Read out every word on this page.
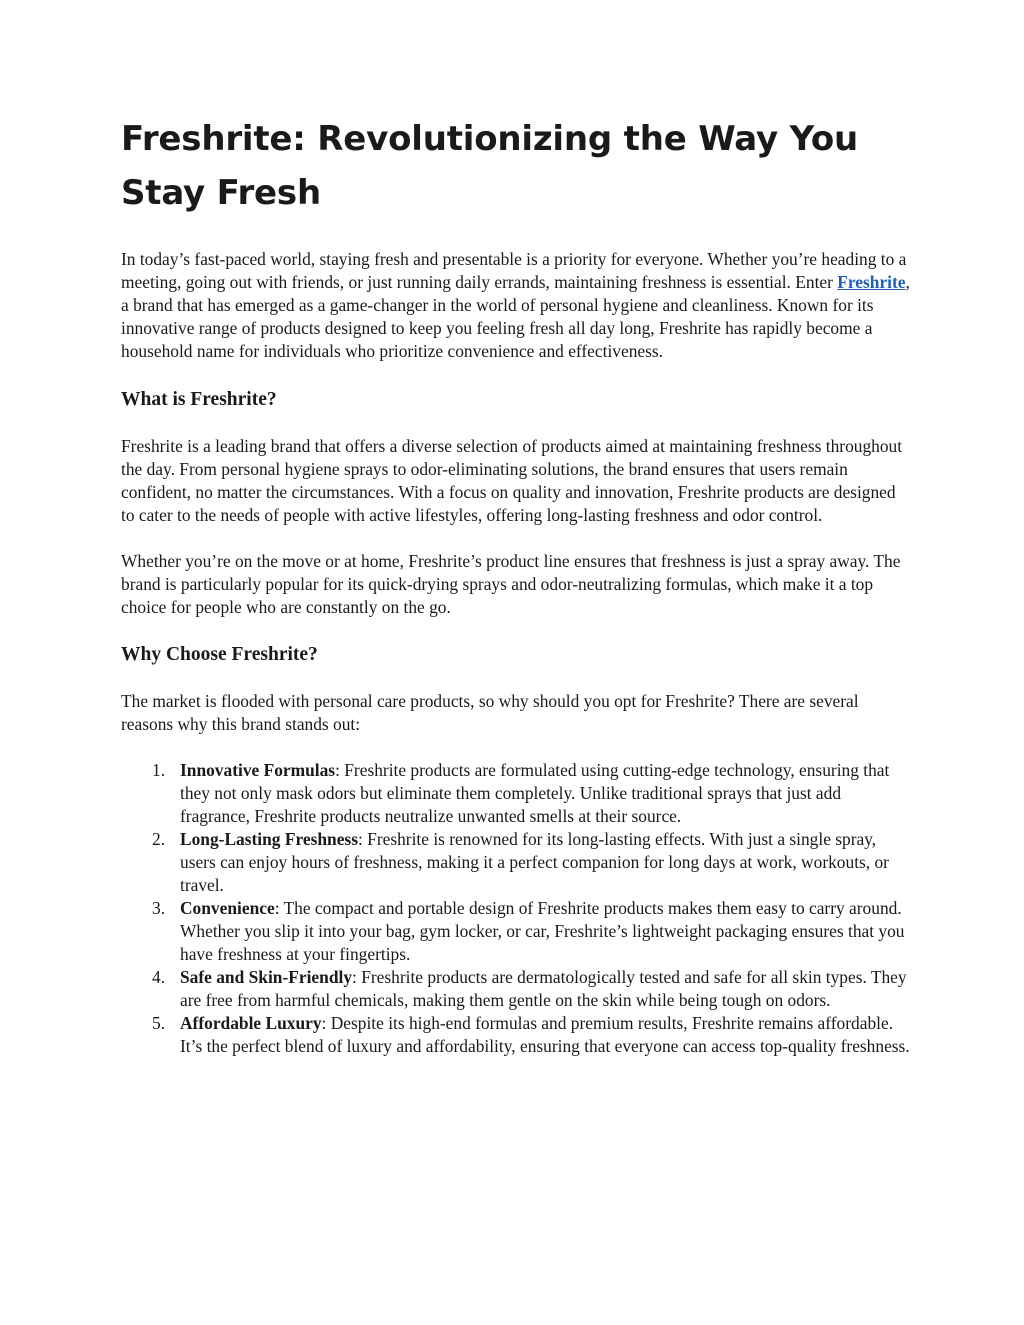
Freshrite: Revolutionizing the Way You Stay Fresh

In today’s fast-paced world, staying fresh and presentable is a priority for everyone. Whether you’re heading to a meeting, going out with friends, or just running daily errands, maintaining freshness is essential. Enter Freshrite, a brand that has emerged as a game-changer in the world of personal hygiene and cleanliness. Known for its innovative range of products designed to keep you feeling fresh all day long, Freshrite has rapidly become a household name for individuals who prioritize convenience and effectiveness.

What is Freshrite?

Freshrite is a leading brand that offers a diverse selection of products aimed at maintaining freshness throughout the day. From personal hygiene sprays to odor-eliminating solutions, the brand ensures that users remain confident, no matter the circumstances. With a focus on quality and innovation, Freshrite products are designed to cater to the needs of people with active lifestyles, offering long-lasting freshness and odor control.

Whether you’re on the move or at home, Freshrite’s product line ensures that freshness is just a spray away. The brand is particularly popular for its quick-drying sprays and odor-neutralizing formulas, which make it a top choice for people who are constantly on the go.

Why Choose Freshrite?

The market is flooded with personal care products, so why should you opt for Freshrite? There are several reasons why this brand stands out:

1. Innovative Formulas: Freshrite products are formulated using cutting-edge technology, ensuring that they not only mask odors but eliminate them completely. Unlike traditional sprays that just add fragrance, Freshrite products neutralize unwanted smells at their source.
2. Long-Lasting Freshness: Freshrite is renowned for its long-lasting effects. With just a single spray, users can enjoy hours of freshness, making it a perfect companion for long days at work, workouts, or travel.
3. Convenience: The compact and portable design of Freshrite products makes them easy to carry around. Whether you slip it into your bag, gym locker, or car, Freshrite’s lightweight packaging ensures that you have freshness at your fingertips.
4. Safe and Skin-Friendly: Freshrite products are dermatologically tested and safe for all skin types. They are free from harmful chemicals, making them gentle on the skin while being tough on odors.
5. Affordable Luxury: Despite its high-end formulas and premium results, Freshrite remains affordable. It’s the perfect blend of luxury and affordability, ensuring that everyone can access top-quality freshness.
